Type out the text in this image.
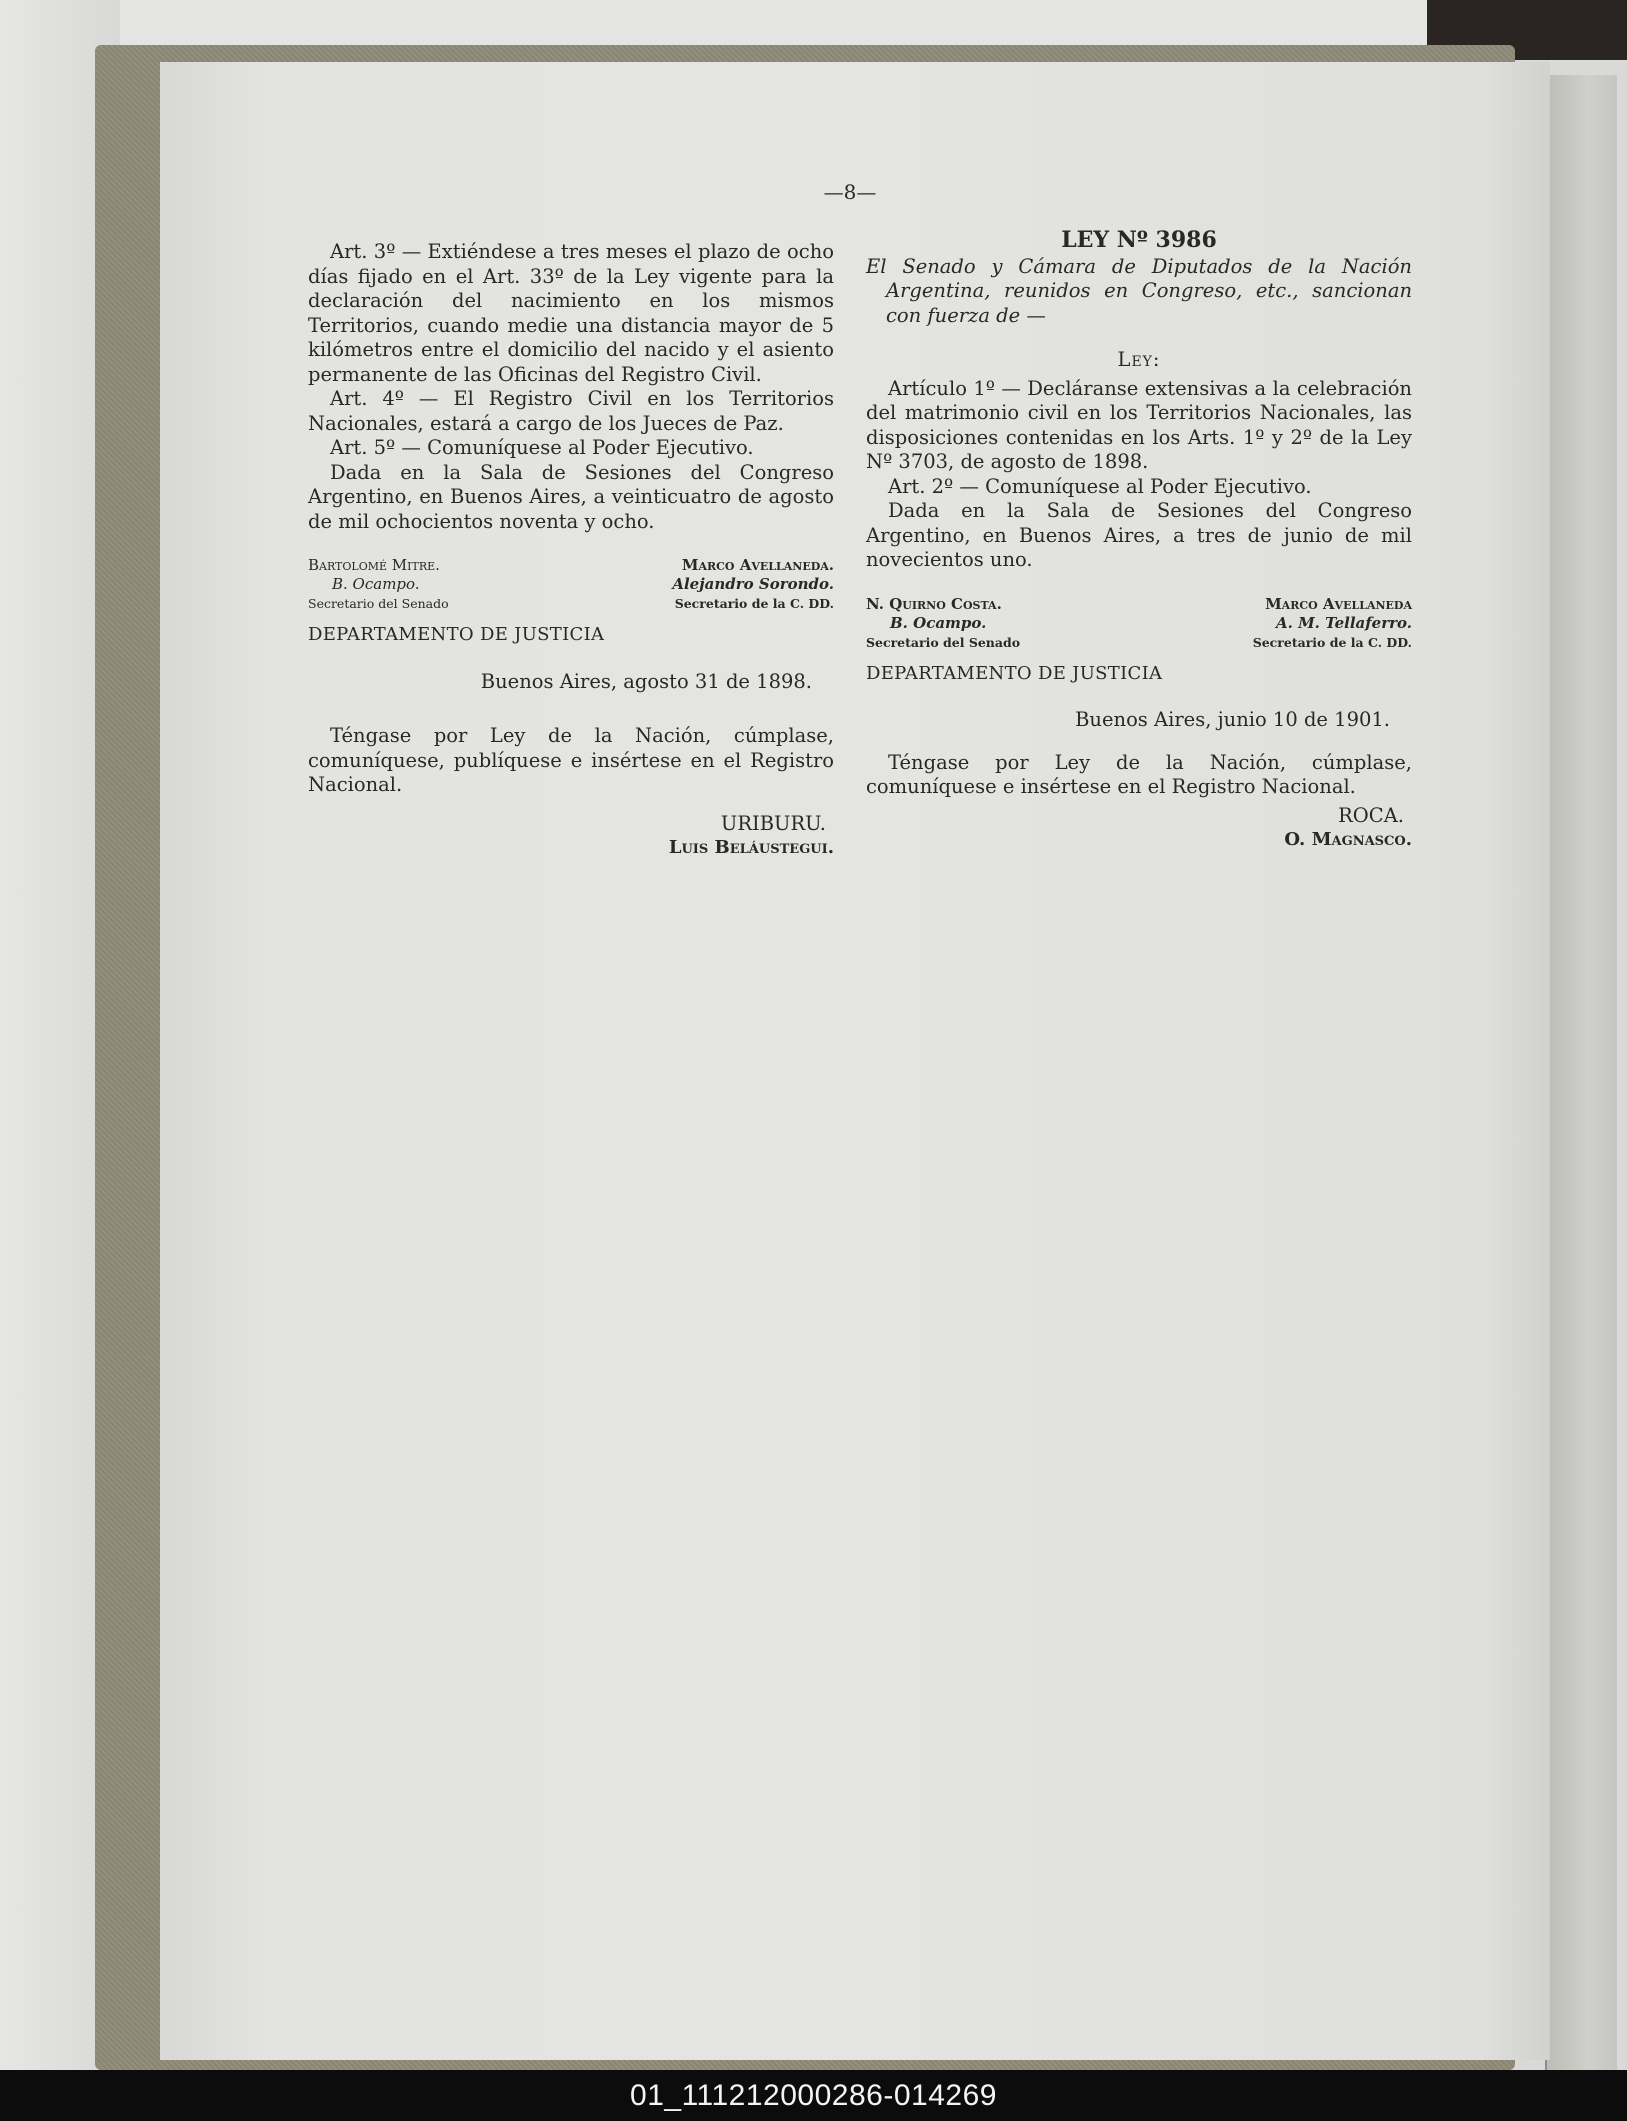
—8—

Art. 3º — Extiéndese a tres meses el plazo de ocho días fijado en el Art. 33º de la Ley vigente para la declaración del nacimiento en los mismos Territorios, cuando medie una distancia mayor de 5 kilómetros entre el domicilio del nacido y el asiento permanente de las Oficinas del Registro Civil.

Art. 4º — El Registro Civil en los Territorios Nacionales, estará a cargo de los Jueces de Paz.

Art. 5º — Comuníquese al Poder Ejecutivo.

Dada en la Sala de Sesiones del Congreso Argentino, en Buenos Aires, a veinticuatro de agosto de mil ochocientos noventa y ocho.

Bartolomé Mitre.
B. Ocampo.
Secretario del Senado
Marco Avellaneda.
Alejandro Sorondo.
Secretario de la C. DD.
DEPARTAMENTO DE JUSTICIA
Buenos Aires, agosto 31 de 1898.

Téngase por Ley de la Nación, cúmplase, comuníquese, publíquese e insértese en el Registro Nacional.

URIBURU.
Luis Beláustegui.
LEY Nº 3986

El Senado y Cámara de Diputados de la Nación Argentina, reunidos en Congreso, etc., sancionan con fuerza de —

Ley:

Artículo 1º — Decláranse extensivas a la celebración del matrimonio civil en los Territorios Nacionales, las disposiciones contenidas en los Arts. 1º y 2º de la Ley Nº 3703, de agosto de 1898.

Art. 2º — Comuníquese al Poder Ejecutivo.

Dada en la Sala de Sesiones del Congreso Argentino, en Buenos Aires, a tres de junio de mil novecientos uno.

N. Quirno Costa.
B. Ocampo.
Secretario del Senado
Marco Avellaneda
A. M. Tellaferro.
Secretario de la C. DD.
DEPARTAMENTO DE JUSTICIA
Buenos Aires, junio 10 de 1901.

Téngase por Ley de la Nación, cúmplase, comuníquese e insértese en el Registro Nacional.

ROCA.
O. Magnasco.
01_111212000286-014269
